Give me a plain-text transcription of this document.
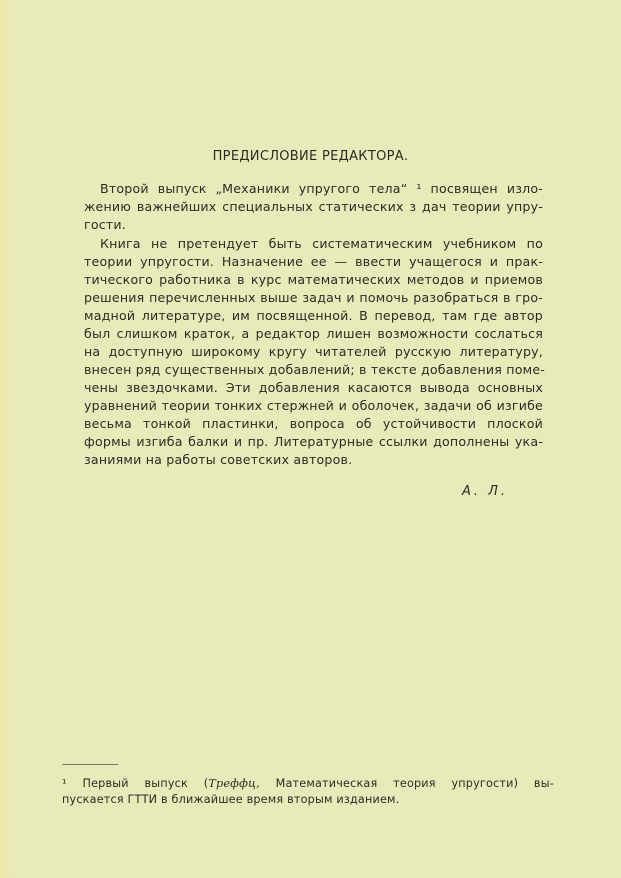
ПРЕДИСЛОВИЕ РЕДАКТОРА.
Второй выпуск „Механики упругого тела“ ¹ посвящен изло-
жению важнейших специальных статических з дач теории упру-
гости.
Книга не претендует быть систематическим учебником по
теории упругости. Назначение ее — ввести учащегося и прак-
тического работника в курс математических методов и приемов
решения перечисленных выше задач и помочь разобраться в гро-
мадной литературе, им посвященной. В перевод, там где автор
был слишком краток, а редактор лишен возможности сослаться
на доступную широкому кругу читателей русскую литературу,
внесен ряд существенных добавлений; в тексте добавления поме-
чены звездочками. Эти добавления касаются вывода основных
уравнений теории тонких стержней и оболочек, задачи об изгибе
весьма тонкой пластинки, вопроса об устойчивости плоской
формы изгиба балки и пр. Литературные ссылки дополнены ука-
заниями на работы советских авторов.
А. Л.
¹ Первый выпуск (Треффц, Математическая теория упругости) вы-
пускается ГТТИ в ближайшее время вторым изданием.
